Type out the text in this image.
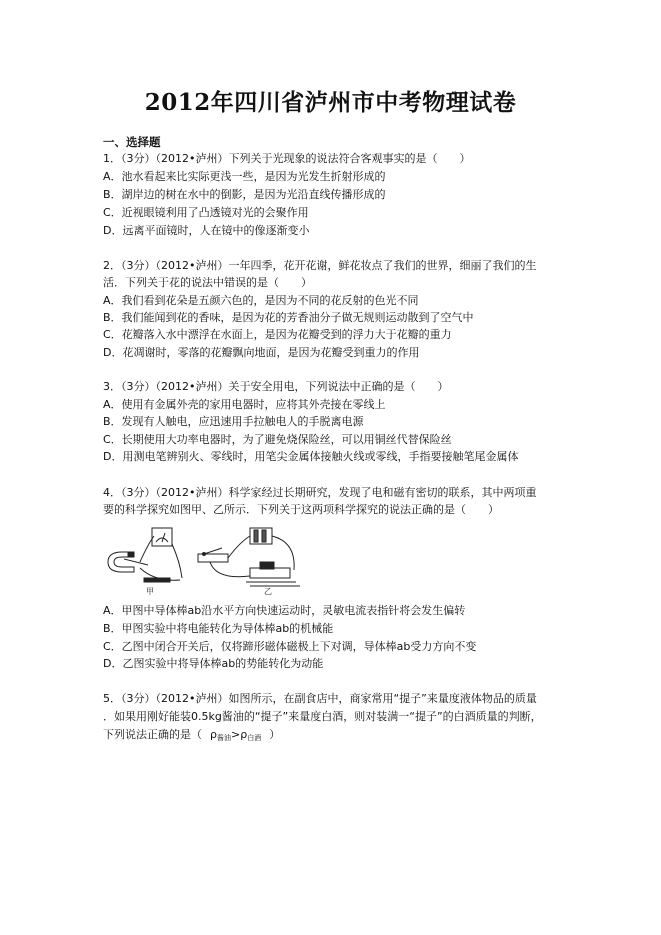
2012年四川省泸州市中考物理试卷
一、选择题
1．（3分）（2012•泸州）下列关于光现象的说法符合客观事实的是（　　）
A．池水看起来比实际更浅一些，是因为光发生折射形成的
B．湖岸边的树在水中的倒影，是因为光沿直线传播形成的
C．近视眼镜利用了凸透镜对光的会聚作用
D．远离平面镜时，人在镜中的像逐渐变小
2．（3分）（2012•泸州）一年四季，花开花谢，鲜花妆点了我们的世界，细丽了我们的生
活．下列关于花的说法中错误的是（　　）
A．我们看到花朵是五颜六色的，是因为不同的花反射的色光不同
B．我们能闻到花的香味，是因为花的芳香油分子做无规则运动散到了空气中
C．花瓣落入水中漂浮在水面上，是因为花瓣受到的浮力大于花瓣的重力
D．花凋谢时，零落的花瓣飘向地面，是因为花瓣受到重力的作用
3．（3分）（2012•泸州）关于安全用电，下列说法中正确的是（　　）
A．使用有金属外壳的家用电器时，应将其外壳接在零线上
B．发现有人触电，应迅速用手拉触电人的手脱离电源
C．长期使用大功率电器时，为了避免烧保险丝，可以用铜丝代替保险丝
D．用测电笔辨别火、零线时，用笔尖金属体接触火线或零线，手指要接触笔尾金属体
4．（3分）（2012•泸州）科学家经过长期研究，发现了电和磁有密切的联系，其中两项重
要的科学探究如图甲、乙所示．下列关于这两项科学探究的说法正确的是（　　）
甲	乙
A．甲图中导体棒ab沿水平方向快速运动时，灵敏电流表指针将会发生偏转
B．甲图实验中将电能转化为导体棒ab的机械能
C．乙图中闭合开关后，仅将蹄形磁体磁极上下对调，导体棒ab受力方向不变
D．乙图实验中将导体棒ab的势能转化为动能
5．（3分）（2012•泸州）如图所示，在副食店中，商家常用“提子”来量度液体物品的质量
．如果用刚好能装0.5kg酱油的“提子”来量度白酒，则对装满一“提子”的白酒质量的判断，
下列说法正确的是（ $\rho_{酱油}>\rho_{白酒}$ ）
